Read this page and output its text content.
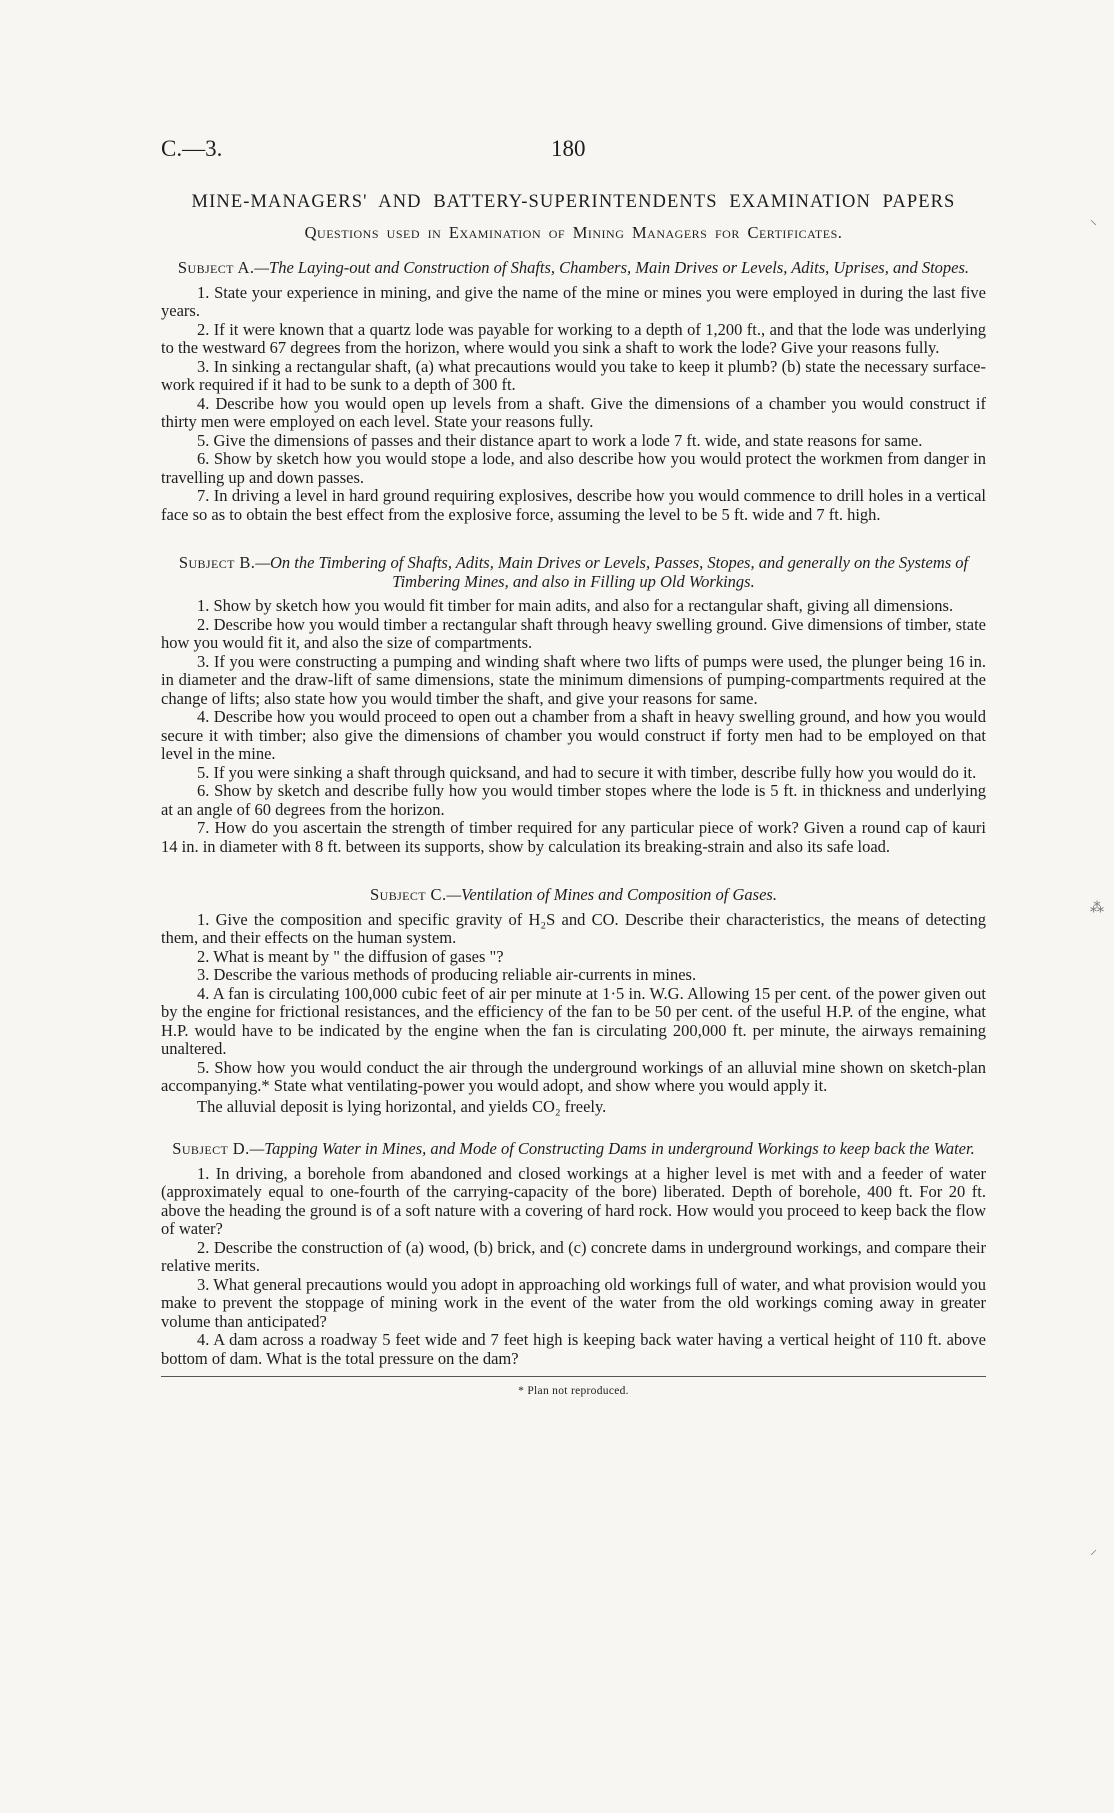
C.—3.	180
MINE-MANAGERS' AND BATTERY-SUPERINTENDENTS EXAMINATION PAPERS
Questions used in Examination of Mining Managers for Certificates.
Subject A.—The Laying-out and Construction of Shafts, Chambers, Main Drives or Levels, Adits, Uprises, and Stopes.

1. State your experience in mining, and give the name of the mine or mines you were employed in during the last five years.

2. If it were known that a quartz lode was payable for working to a depth of 1,200 ft., and that the lode was underlying to the westward 67 degrees from the horizon, where would you sink a shaft to work the lode? Give your reasons fully.

3. In sinking a rectangular shaft, (a) what precautions would you take to keep it plumb? (b) state the necessary surface-work required if it had to be sunk to a depth of 300 ft.

4. Describe how you would open up levels from a shaft. Give the dimensions of a chamber you would construct if thirty men were employed on each level. State your reasons fully.

5. Give the dimensions of passes and their distance apart to work a lode 7 ft. wide, and state reasons for same.

6. Show by sketch how you would stope a lode, and also describe how you would protect the workmen from danger in travelling up and down passes.

7. In driving a level in hard ground requiring explosives, describe how you would commence to drill holes in a vertical face so as to obtain the best effect from the explosive force, assuming the level to be 5 ft. wide and 7 ft. high.

Subject B.—On the Timbering of Shafts, Adits, Main Drives or Levels, Passes, Stopes, and generally on the Systems of Timbering Mines, and also in Filling up Old Workings.

1. Show by sketch how you would fit timber for main adits, and also for a rectangular shaft, giving all dimensions.

2. Describe how you would timber a rectangular shaft through heavy swelling ground. Give dimensions of timber, state how you would fit it, and also the size of compartments.

3. If you were constructing a pumping and winding shaft where two lifts of pumps were used, the plunger being 16 in. in diameter and the draw-lift of same dimensions, state the minimum dimensions of pumping-compartments required at the change of lifts; also state how you would timber the shaft, and give your reasons for same.

4. Describe how you would proceed to open out a chamber from a shaft in heavy swelling ground, and how you would secure it with timber; also give the dimensions of chamber you would construct if forty men had to be employed on that level in the mine.

5. If you were sinking a shaft through quicksand, and had to secure it with timber, describe fully how you would do it.

6. Show by sketch and describe fully how you would timber stopes where the lode is 5 ft. in thickness and underlying at an angle of 60 degrees from the horizon.

7. How do you ascertain the strength of timber required for any particular piece of work? Given a round cap of kauri 14 in. in diameter with 8 ft. between its supports, show by calculation its breaking-strain and also its safe load.

Subject C.—Ventilation of Mines and Composition of Gases.

1. Give the composition and specific gravity of H₂S and CO. Describe their characteristics, the means of detecting them, and their effects on the human system.

2. What is meant by " the diffusion of gases "?

3. Describe the various methods of producing reliable air-currents in mines.

4. A fan is circulating 100,000 cubic feet of air per minute at 1·5 in. W.G. Allowing 15 per cent. of the power given out by the engine for frictional resistances, and the efficiency of the fan to be 50 per cent. of the useful H.P. of the engine, what H.P. would have to be indicated by the engine when the fan is circulating 200,000 ft. per minute, the airways remaining unaltered.

5. Show how you would conduct the air through the underground workings of an alluvial mine shown on sketch-plan accompanying.* State what ventilating-power you would adopt, and show where you would apply it.

The alluvial deposit is lying horizontal, and yields CO₂ freely.

Subject D.—Tapping Water in Mines, and Mode of Constructing Dams in underground Workings to keep back the Water.

1. In driving, a borehole from abandoned and closed workings at a higher level is met with and a feeder of water (approximately equal to one-fourth of the carrying-capacity of the bore) liberated. Depth of borehole, 400 ft. For 20 ft. above the heading the ground is of a soft nature with a covering of hard rock. How would you proceed to keep back the flow of water?

2. Describe the construction of (a) wood, (b) brick, and (c) concrete dams in underground workings, and compare their relative merits.

3. What general precautions would you adopt in approaching old workings full of water, and what provision would you make to prevent the stoppage of mining work in the event of the water from the old workings coming away in greater volume than anticipated?

4. A dam across a roadway 5 feet wide and 7 feet high is keeping back water having a vertical height of 110 ft. above bottom of dam. What is the total pressure on the dam?

* Plan not reproduced.
⸌
⁂
⸝
